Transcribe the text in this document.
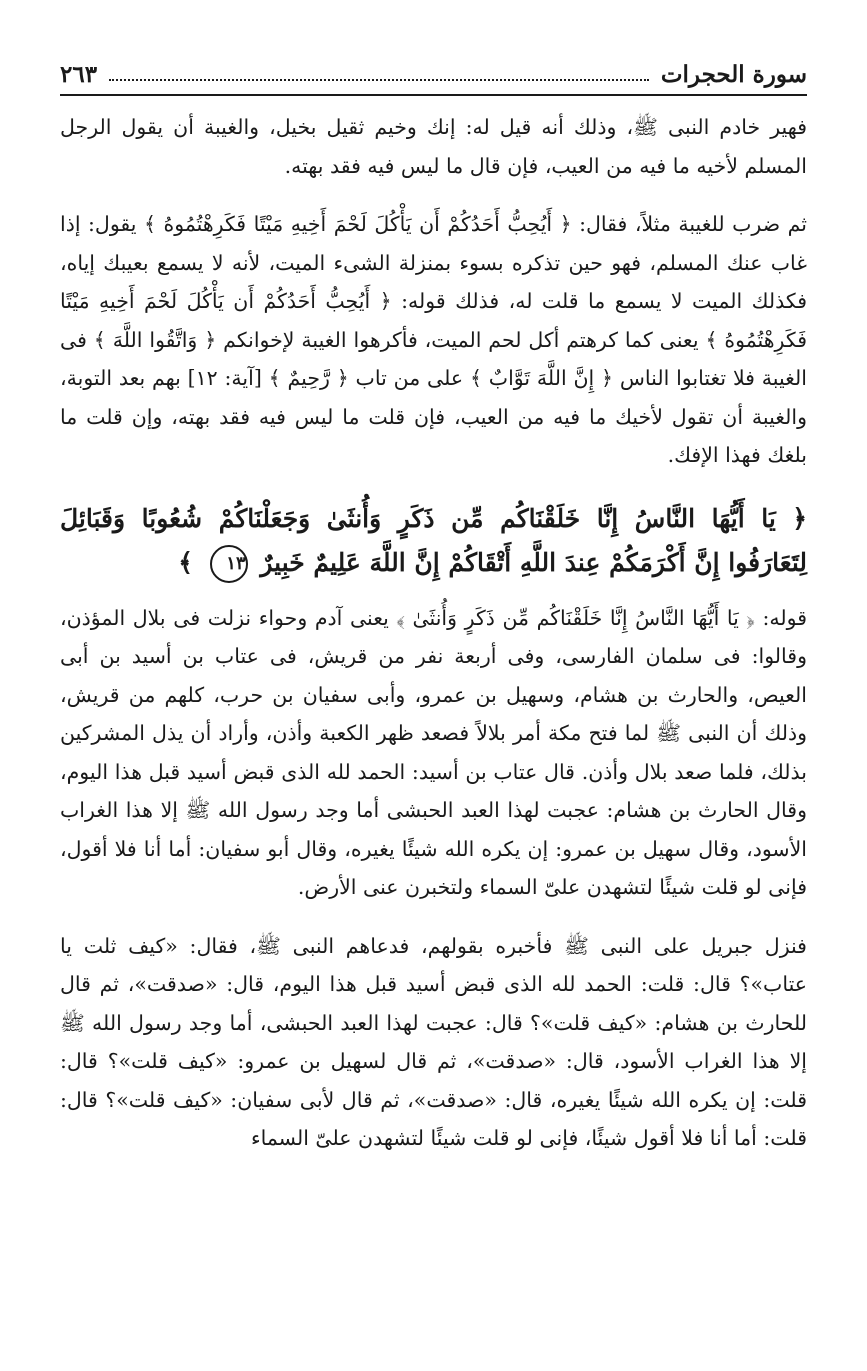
سورة الحجرات
٢٦٣

فهير خادم النبى ﷺ، وذلك أنه قيل له: إنك وخيم ثقيل بخيل، والغيبة أن يقول الرجل المسلم لأخيه ما فيه من العيب، فإن قال ما ليس فيه فقد بهته.

ثم ضرب للغيبة مثلاً، فقال: ﴿ أَيُحِبُّ أَحَدُكُمْ أَن يَأْكُلَ لَحْمَ أَخِيهِ مَيْتًا فَكَرِهْتُمُوهُ ﴾ يقول: إذا غاب عنك المسلم، فهو حين تذكره بسوء بمنزلة الشىء الميت، لأنه لا يسمع بعيبك إياه، فكذلك الميت لا يسمع ما قلت له، فذلك قوله: ﴿ أَيُحِبُّ أَحَدُكُمْ أَن يَأْكُلَ لَحْمَ أَخِيهِ مَيْتًا فَكَرِهْتُمُوهُ ﴾ يعنى كما كرهتم أكل لحم الميت، فأكرهوا الغيبة لإخوانكم ﴿ وَاتَّقُوا اللَّهَ ﴾ فى الغيبة فلا تغتابوا الناس ﴿ إِنَّ اللَّهَ تَوَّابٌ ﴾ على من تاب ﴿ رَّحِيمٌ ﴾ [آية: ١٢] بهم بعد التوبة، والغيبة أن تقول لأخيك ما فيه من العيب، فإن قلت ما ليس فيه فقد بهته، وإن قلت ما بلغك فهذا الإفك.

﴿ يَا أَيُّهَا النَّاسُ إِنَّا خَلَقْنَاكُم مِّن ذَكَرٍ وَأُنثَىٰ وَجَعَلْنَاكُمْ شُعُوبًا وَقَبَائِلَ لِتَعَارَفُوا إِنَّ أَكْرَمَكُمْ عِندَ اللَّهِ أَتْقَاكُمْ إِنَّ اللَّهَ عَلِيمٌ خَبِيرٌ ١٣ ﴾

قوله: ﴿ يَا أَيُّهَا النَّاسُ إِنَّا خَلَقْنَاكُم مِّن ذَكَرٍ وَأُنثَىٰ ﴾ يعنى آدم وحواء نزلت فى بلال المؤذن، وقالوا: فى سلمان الفارسى، وفى أربعة نفر من قريش، فى عتاب بن أسيد بن أبى العيص، والحارث بن هشام، وسهيل بن عمرو، وأبى سفيان بن حرب، كلهم من قريش، وذلك أن النبى ﷺ لما فتح مكة أمر بلالاً فصعد ظهر الكعبة وأذن، وأراد أن يذل المشركين بذلك، فلما صعد بلال وأذن. قال عتاب بن أسيد: الحمد لله الذى قبض أسيد قبل هذا اليوم، وقال الحارث بن هشام: عجبت لهذا العبد الحبشى أما وجد رسول الله ﷺ إلا هذا الغراب الأسود، وقال سهيل بن عمرو: إن يكره الله شيئًا يغيره، وقال أبو سفيان: أما أنا فلا أقول، فإنى لو قلت شيئًا لتشهدن علىّ السماء ولتخبرن عنى الأرض.

فنزل جبريل على النبى ﷺ فأخبره بقولهم، فدعاهم النبى ﷺ، فقال: «كيف ثلت يا عتاب»؟ قال: قلت: الحمد لله الذى قبض أسيد قبل هذا اليوم، قال: «صدقت»، ثم قال للحارث بن هشام: «كيف قلت»؟ قال: عجبت لهذا العبد الحبشى، أما وجد رسول الله ﷺ إلا هذا الغراب الأسود، قال: «صدقت»، ثم قال لسهيل بن عمرو: «كيف قلت»؟ قال: قلت: إن يكره الله شيئًا يغيره، قال: «صدقت»، ثم قال لأبى سفيان: «كيف قلت»؟ قال: قلت: أما أنا فلا أقول شيئًا، فإنى لو قلت شيئًا لتشهدن علىّ السماء
